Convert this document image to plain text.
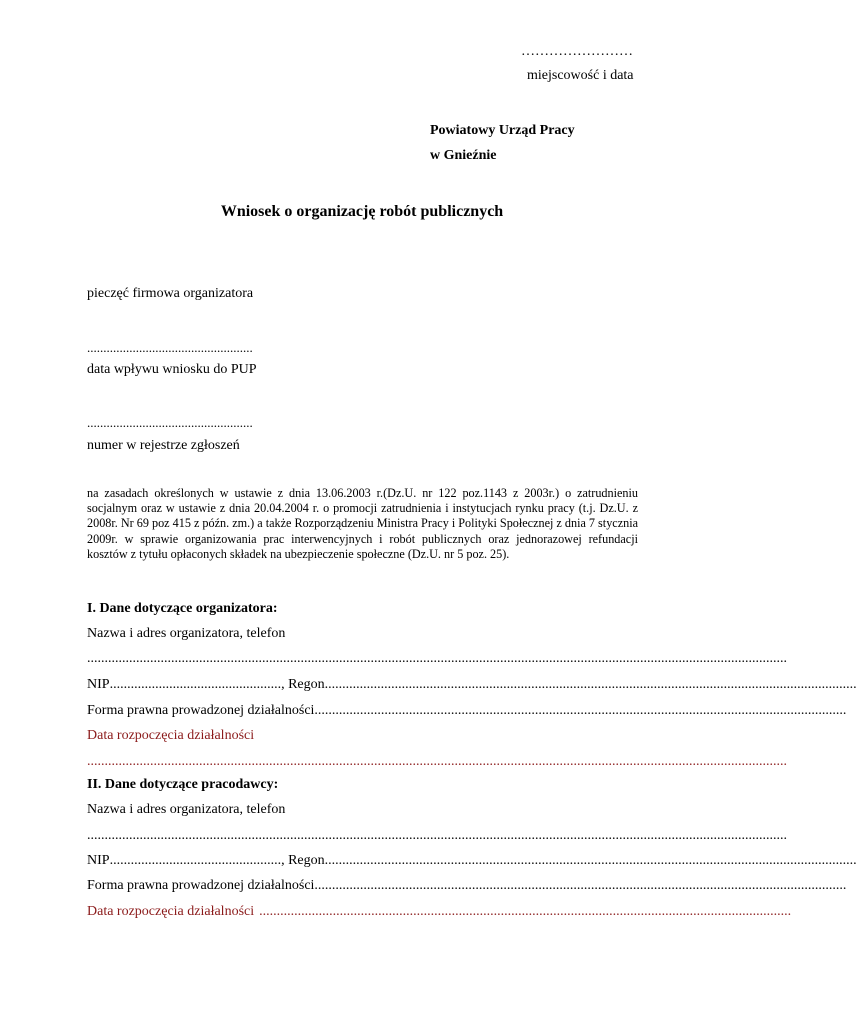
……………………
miejscowość i data
Powiatowy Urząd Pracy
w Gnieźnie
Wniosek o organizację robót publicznych
pieczęć firmowa organizatora
...................................................
data wpływu wniosku do PUP
...................................................
numer w rejestrze zgłoszeń
na zasadach określonych w ustawie z dnia 13.06.2003 r.(Dz.U. nr 122 poz.1143 z 2003r.) o zatrudnieniu socjalnym oraz w ustawie z dnia 20.04.2004 r. o promocji zatrudnienia i instytucjach rynku pracy (t.j. Dz.U. z 2008r. Nr 69 poz 415 z późn. zm.) a także Rozporządzeniu Ministra Pracy i Polityki Społecznej z dnia 7 stycznia 2009r. w sprawie organizowania prac interwencyjnych i robót publicznych oraz jednorazowej refundacji kosztów z tytułu opłaconych składek na ubezpieczenie społeczne (Dz.U. nr 5 poz. 25).
I. Dane dotyczące organizatora:
Nazwa i adres organizatora, telefon
........................................................................................................................................................................................................
NIP ................................................. , Regon ........................................................................................................................................................
Forma prawna prowadzonej działalności ........................................................................................................................................................
Data rozpoczęcia działalności
........................................................................................................................................................................................................
II. Dane dotyczące pracodawcy:
Nazwa i adres organizatora, telefon
........................................................................................................................................................................................................
NIP ................................................. , Regon ........................................................................................................................................................
Forma prawna prowadzonej działalności ........................................................................................................................................................
Data rozpoczęcia działalności ........................................................................................................................................................
